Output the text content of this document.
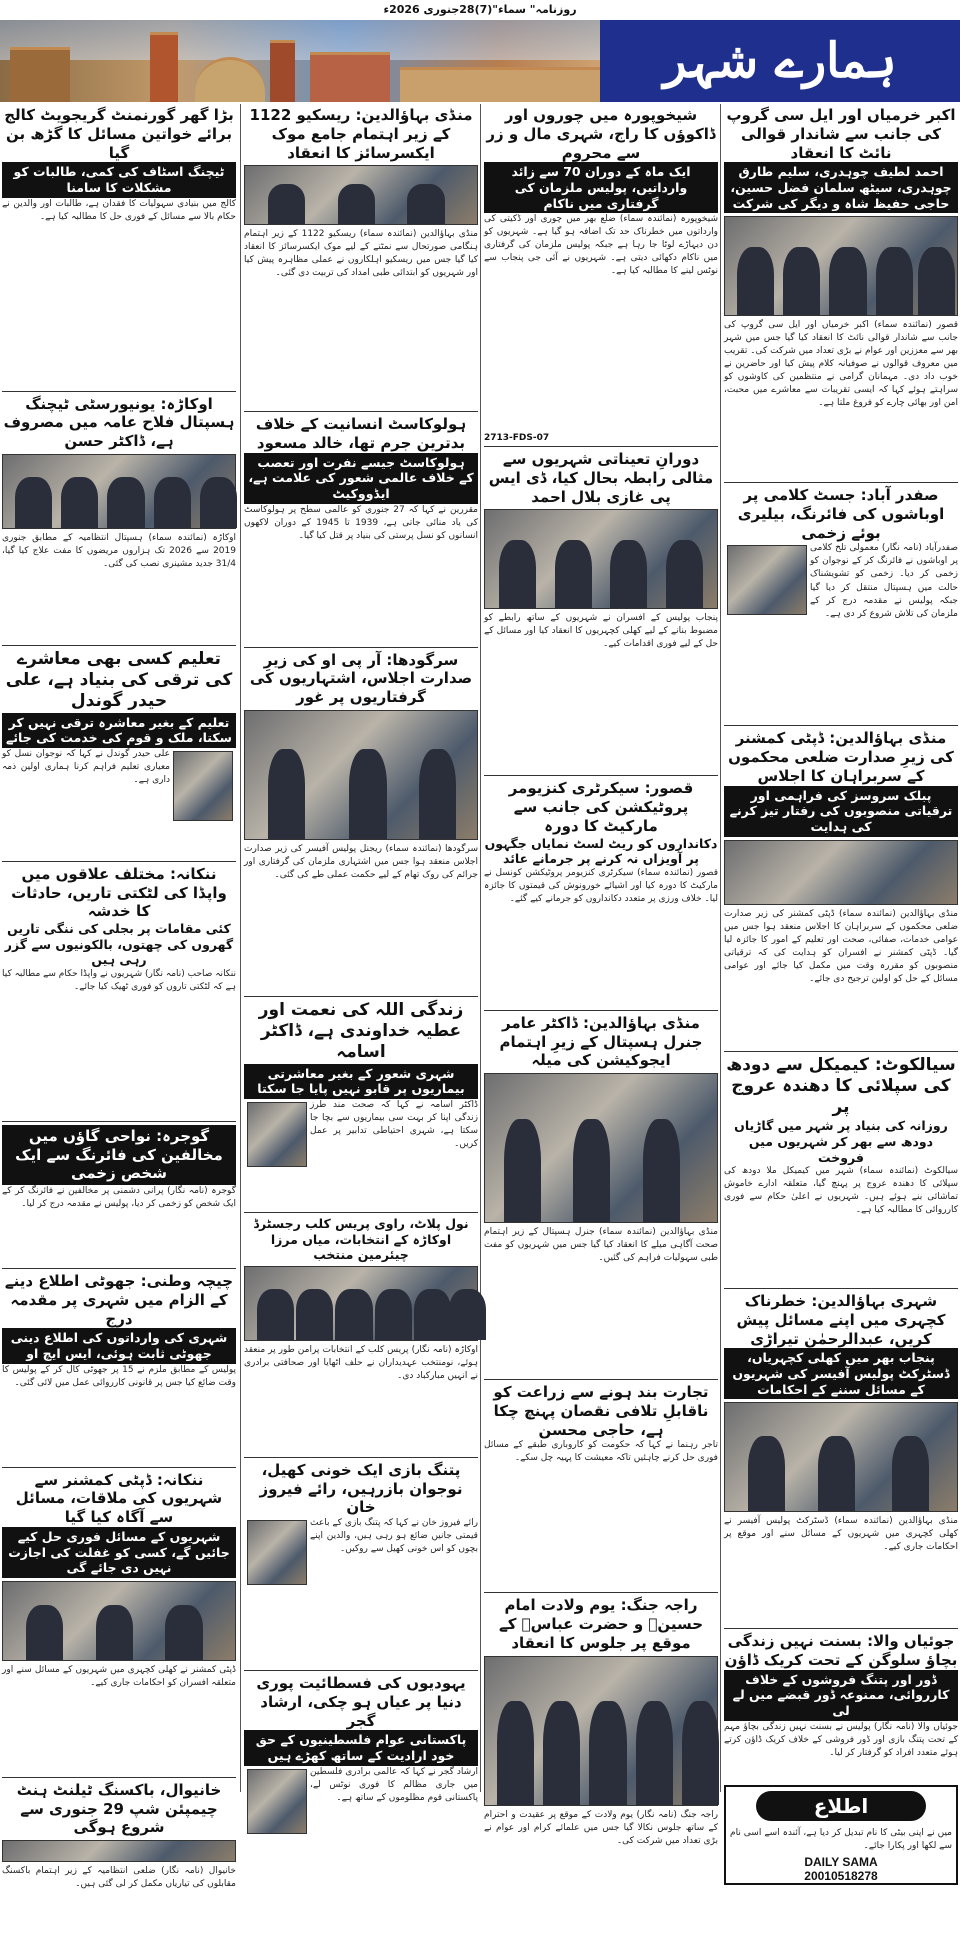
روزنامہ" سماء"(7)28جنوری 2026ء
ہمارے شہر
اکبر خرمیاں اور ایل سی گروپ کی جانب سے شاندار قوالی نائٹ کا انعقاد
احمد لطیف چوہدری، سلیم طارق چوہدری، سیٹھ سلمان فضل حسین، حاجی حفیظ شاہ و دیگر کی شرکت
قصور (نمائندہ سماء) اکبر خرمیاں اور ایل سی گروپ کی جانب سے شاندار قوالی نائٹ کا انعقاد کیا گیا جس میں شہر بھر سے معززین اور عوام نے بڑی تعداد میں شرکت کی۔ تقریب میں معروف قوالوں نے صوفیانہ کلام پیش کیا اور حاضرین نے خوب داد دی۔ مہمانان گرامی نے منتظمین کی کاوشوں کو سراہتے ہوئے کہا کہ ایسی تقریبات سے معاشرے میں محبت، امن اور بھائی چارے کو فروغ ملتا ہے۔
صفدر آباد: جسٹ کلامی پر اوباشوں کی فائرنگ، بیلیری بوئے زخمی
صفدرآباد (نامہ نگار) معمولی تلخ کلامی پر اوباشوں نے فائرنگ کر کے نوجوان کو زخمی کر دیا۔ زخمی کو تشویشناک حالت میں ہسپتال منتقل کر دیا گیا جبکہ پولیس نے مقدمہ درج کر کے ملزمان کی تلاش شروع کر دی ہے۔
منڈی بہاؤالدین: ڈپٹی کمشنر کی زیرِ صدارت ضلعی محکموں کے سربراہان کا اجلاس
پبلک سروسز کی فراہمی اور ترقیاتی منصوبوں کی رفتار تیز کرنے کی ہدایت
منڈی بہاؤالدین (نمائندہ سماء) ڈپٹی کمشنر کی زیر صدارت ضلعی محکموں کے سربراہان کا اجلاس منعقد ہوا جس میں عوامی خدمات، صفائی، صحت اور تعلیم کے امور کا جائزہ لیا گیا۔ ڈپٹی کمشنر نے افسران کو ہدایت کی کہ ترقیاتی منصوبوں کو مقررہ وقت میں مکمل کیا جائے اور عوامی مسائل کے حل کو اولین ترجیح دی جائے۔
سیالکوٹ: کیمیکل سے دودھ کی سپلائی کا دھندہ عروج پر
روزانہ کی بنیاد پر شہر میں گاڑیاں دودھ سے بھر کر شہریوں میں فروخت
سیالکوٹ (نمائندہ سماء) شہر میں کیمیکل ملا دودھ کی سپلائی کا دھندہ عروج پر پہنچ گیا، متعلقہ ادارے خاموش تماشائی بنے ہوئے ہیں۔ شہریوں نے اعلیٰ حکام سے فوری کارروائی کا مطالبہ کیا ہے۔
شہری بہاؤالدین: خطرناک کچہری میں اپنے مسائل پیش کریں، عبدالرحمٰن تیراڑی
پنجاب بھر میں کھلی کچہریاں، ڈسٹرکٹ پولیس آفیسر کی شہریوں کے مسائل سننے کے احکامات
منڈی بہاؤالدین (نمائندہ سماء) ڈسٹرکٹ پولیس آفیسر نے کھلی کچہری میں شہریوں کے مسائل سنے اور موقع پر احکامات جاری کیے۔
جوئیاں والا: بسنت نہیں زندگی بچاؤ سلوگن کے تحت کریک ڈاؤن
ڈور اور پتنگ فروشوں کے خلاف کارروائی، ممنوعہ ڈور قبضے میں لے لی
جوئیاں والا (نامہ نگار) پولیس نے بسنت نہیں زندگی بچاؤ مہم کے تحت پتنگ بازی اور ڈور فروشی کے خلاف کریک ڈاؤن کرتے ہوئے متعدد افراد کو گرفتار کر لیا۔
اطلاع
میں نے اپنی بیٹی کا نام تبدیل کر دیا ہے، آئندہ اسے اسی نام سے لکھا اور پکارا جائے۔
DAILY SAMA
20010518278
شیخوپورہ میں چوروں اور ڈاکوؤں کا راج، شہری مال و زر سے محروم
ایک ماہ کے دوران 70 سے زائد وارداتیں، پولیس ملزمان کی گرفتاری میں ناکام
شیخوپورہ (نمائندہ سماء) ضلع بھر میں چوری اور ڈکیتی کی وارداتوں میں خطرناک حد تک اضافہ ہو گیا ہے۔ شہریوں کو دن دیہاڑے لوٹا جا رہا ہے جبکہ پولیس ملزمان کی گرفتاری میں ناکام دکھائی دیتی ہے۔ شہریوں نے آئی جی پنجاب سے نوٹس لینے کا مطالبہ کیا ہے۔
2713-FDS-07
دورانِ تعیناتی شہریوں سے مثالی رابطہ بحال کیا، ڈی ایس پی غازی بلال احمد
پنجاب پولیس کے افسران نے شہریوں کے ساتھ رابطے کو مضبوط بنانے کے لیے کھلی کچہریوں کا انعقاد کیا اور مسائل کے حل کے لیے فوری اقدامات کیے۔
قصور: سیکرٹری کنزیومر پروٹیکشن کی جانب سے مارکیٹ کا دورہ
دکانداروں کو ریٹ لسٹ نمایاں جگہوں پر آویزاں نہ کرنے پر جرمانے عائد
قصور (نمائندہ سماء) سیکرٹری کنزیومر پروٹیکشن کونسل نے مارکیٹ کا دورہ کیا اور اشیائے خورونوش کی قیمتوں کا جائزہ لیا۔ خلاف ورزی پر متعدد دکانداروں کو جرمانے کیے گئے۔
منڈی بہاؤالدین: ڈاکٹر عامر جنرل ہسپتال کے زیرِ اہتمام ایجوکیشن کی میلہ
منڈی بہاؤالدین (نمائندہ سماء) جنرل ہسپتال کے زیر اہتمام صحت آگاہی میلے کا انعقاد کیا گیا جس میں شہریوں کو مفت طبی سہولیات فراہم کی گئیں۔
تجارت بند ہونے سے زراعت کو ناقابلِ تلافی نقصان پہنچ چکا ہے، حاجی محسن
تاجر رہنما نے کہا کہ حکومت کو کاروباری طبقے کے مسائل فوری حل کرنے چاہئیں تاکہ معیشت کا پہیہ چل سکے۔
راجہ جنگ: یوم ولادت امام حسینؑ و حضرت عباسؑ کے موقع پر جلوس کا انعقاد
راجہ جنگ (نامہ نگار) یوم ولادت کے موقع پر عقیدت و احترام کے ساتھ جلوس نکالا گیا جس میں علمائے کرام اور عوام نے بڑی تعداد میں شرکت کی۔
منڈی بہاؤالدین: ریسکیو 1122 کے زیر اہتمام جامع موک ایکسرسائز کا انعقاد
منڈی بہاؤالدین (نمائندہ سماء) ریسکیو 1122 کے زیر اہتمام ہنگامی صورتحال سے نمٹنے کے لیے موک ایکسرسائز کا انعقاد کیا گیا جس میں ریسکیو اہلکاروں نے عملی مظاہرہ پیش کیا اور شہریوں کو ابتدائی طبی امداد کی تربیت دی گئی۔
ہولوکاسٹ انسانیت کے خلاف بدترین جرم تھا، خالد مسعود
ہولوکاسٹ جیسے نفرت اور تعصب کے خلاف عالمی شعور کی علامت ہے، ایڈووکیٹ
مقررین نے کہا کہ 27 جنوری کو عالمی سطح پر ہولوکاسٹ کی یاد منائی جاتی ہے، 1939 تا 1945 کے دوران لاکھوں انسانوں کو نسل پرستی کی بنیاد پر قتل کیا گیا۔
سرگودھا: آر پی او کی زیرِ صدارت اجلاس، اشتہاریوں کی گرفتاریوں پر غور
سرگودھا (نمائندہ سماء) ریجنل پولیس آفیسر کی زیر صدارت اجلاس منعقد ہوا جس میں اشتہاری ملزمان کی گرفتاری اور جرائم کی روک تھام کے لیے حکمت عملی طے کی گئی۔
زندگی اللہ کی نعمت اور عطیہ خداوندی ہے، ڈاکٹر اسامہ
شہری شعور کے بغیر معاشرتی بیماریوں پر قابو نہیں پایا جا سکتا
ڈاکٹر اسامہ نے کہا کہ صحت مند طرز زندگی اپنا کر بہت سی بیماریوں سے بچا جا سکتا ہے، شہری احتیاطی تدابیر پر عمل کریں۔
نول پلاٹ، راوی پریس کلب رجسٹرڈ اوکاڑہ کے انتخابات، میاں مرزا چیئرمین منتخب
اوکاڑہ (نامہ نگار) پریس کلب کے انتخابات پرامن طور پر منعقد ہوئے، نومنتخب عہدیداران نے حلف اٹھایا اور صحافتی برادری نے انہیں مبارکباد دی۔
پتنگ بازی ایک خونی کھیل، نوجوان بازرہیں، رائے فیروز خان
رائے فیروز خان نے کہا کہ پتنگ بازی کے باعث قیمتی جانیں ضائع ہو رہی ہیں، والدین اپنے بچوں کو اس خونی کھیل سے روکیں۔
یہودیوں کی فسطائیت پوری دنیا پر عیاں ہو چکی، ارشاد گجر
پاکستانی عوام فلسطینیوں کے حق خود ارادیت کے ساتھ کھڑے ہیں
ارشاد گجر نے کہا کہ عالمی برادری فلسطین میں جاری مظالم کا فوری نوٹس لے، پاکستانی قوم مظلوموں کے ساتھ ہے۔
بڑا گھر گورنمنٹ گریجویٹ کالج برائے خواتین مسائل کا گڑھ بن گیا
ٹیچنگ اسٹاف کی کمی، طالبات کو مشکلات کا سامنا
کالج میں بنیادی سہولیات کا فقدان ہے، طالبات اور والدین نے حکام بالا سے مسائل کے فوری حل کا مطالبہ کیا ہے۔
اوکاڑہ: یونیورسٹی ٹیچنگ ہسپتال فلاح عامہ میں مصروف ہے، ڈاکٹر حسن
اوکاڑہ (نمائندہ سماء) ہسپتال انتظامیہ کے مطابق جنوری 2019 سے 2026 تک ہزاروں مریضوں کا مفت علاج کیا گیا، 31/4 جدید مشینری نصب کی گئی۔
تعلیم کسی بھی معاشرے کی ترقی کی بنیاد ہے، علی حیدر گوندل
تعلیم کے بغیر معاشرہ ترقی نہیں کر سکتا، ملک و قوم کی خدمت کی جائے
علی حیدر گوندل نے کہا کہ نوجوان نسل کو معیاری تعلیم فراہم کرنا ہماری اولین ذمہ داری ہے۔
ننکانہ: مختلف علاقوں میں واپڈا کی لٹکتی تاریں، حادثات کا خدشہ
کئی مقامات پر بجلی کی ننگی تاریں گھروں کی چھتوں، بالکونیوں سے گزر رہی ہیں
ننکانہ صاحب (نامہ نگار) شہریوں نے واپڈا حکام سے مطالبہ کیا ہے کہ لٹکتی تاروں کو فوری ٹھیک کیا جائے۔
گوجرہ: نواحی گاؤں میں مخالفین کی فائرنگ سے ایک شخص زخمی
گوجرہ (نامہ نگار) پرانی دشمنی پر مخالفین نے فائرنگ کر کے ایک شخص کو زخمی کر دیا، پولیس نے مقدمہ درج کر لیا۔
چیچہ وطنی: جھوٹی اطلاع دینے کے الزام میں شہری پر مقدمہ درج
شہری کی وارداتوں کی اطلاع دینی جھوٹی ثابت ہوئی، ایس ایچ او
پولیس کے مطابق ملزم نے 15 پر جھوٹی کال کر کے پولیس کا وقت ضائع کیا جس پر قانونی کارروائی عمل میں لائی گئی۔
ننکانہ: ڈپٹی کمشنر سے شہریوں کی ملاقات، مسائل سے آگاہ کیا گیا
شہریوں کے مسائل فوری حل کیے جائیں گے، کسی کو غفلت کی اجازت نہیں دی جائے گی
ڈپٹی کمشنر نے کھلی کچہری میں شہریوں کے مسائل سنے اور متعلقہ افسران کو احکامات جاری کیے۔
خانیوال، باکسنگ ٹیلنٹ ہنٹ چیمپئن شپ 29 جنوری سے شروع ہوگی
خانیوال (نامہ نگار) ضلعی انتظامیہ کے زیر اہتمام باکسنگ مقابلوں کی تیاریاں مکمل کر لی گئی ہیں۔
